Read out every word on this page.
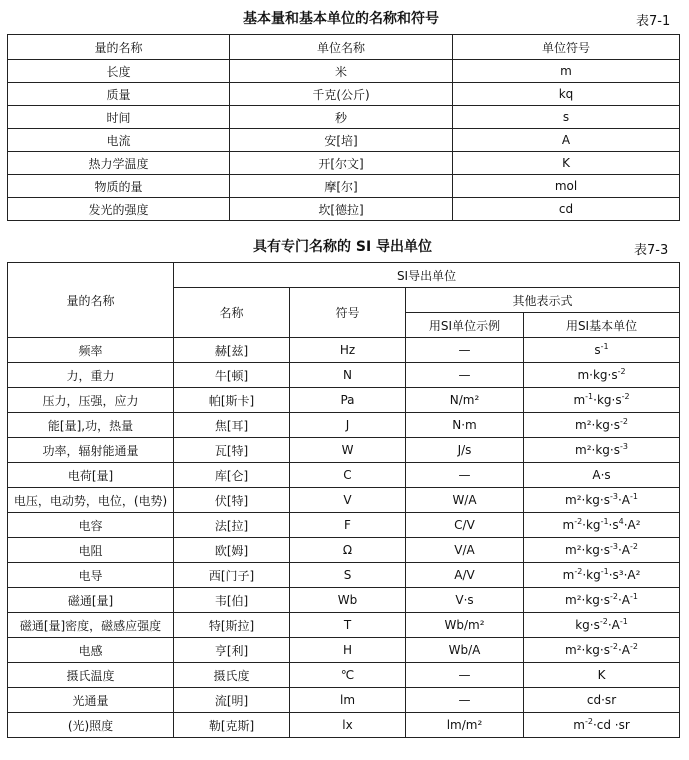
基本量和基本单位的名称和符号	表7-1
量的名称	单位名称	单位符号
长度	米	m
质量	千克(公斤)	kq
时间	秒	s
电流	安[培]	A
热力学温度	开[尔文]	K
物质的量	摩[尔]	mol
发光的强度	坎[德拉]	cd
具有专门名称的 SI 导出单位	表7-3
量的名称	SI导出单位			
	名称	符号	其他表示式	
			用SI单位示例	用SI基本单位
频率	赫[兹]	Hz	—	$s^{-1}$
力，重力	牛[顿]	N	—	$m\cdot kg\cdot s^{-2}$
压力，压强，应力	帕[斯卡]	Pa	N/m²	$m^{-1}\cdot kg\cdot s^{-2}$
能[量],功，热量	焦[耳]	J	N·m	$m^2\cdot kg\cdot s^{-2}$
功率，辐射能通量	瓦[特]	W	J/s	$m^2\cdot kg\cdot s^{-3}$
电荷[量]	库[仑]	C	—	A·s
电压，电动势，电位，(电势)	伏[特]	V	W/A	$m^2\cdot kg\cdot s^{-3}\cdot A^{-1}$
电容	法[拉]	F	C/V	$m^{-2}\cdot kg^{-1}\cdot s^4\cdot A^2$
电阻	欧[姆]	Ω	V/A	$m^2\cdot kg\cdot s^{-3}\cdot A^{-2}$
电导	西[门子]	S	A/V	$m^{-2}\cdot kg^{-1}\cdot s^3\cdot A^2$
磁通[量]	韦[伯]	Wb	V·s	$m^2\cdot kg\cdot s^{-2}\cdot A^{-1}$
磁通[量]密度，磁感应强度	特[斯拉]	T	Wb/m²	$kg\cdot s^{-2}\cdot A^{-1}$
电感	亨[利]	H	Wb/A	$m^2\cdot kg\cdot s^{-2}\cdot A^{-2}$
摄氏温度	摄氏度	℃	—	K
光通量	流[明]	lm	—	cd·sr
(光)照度	勒[克斯]	lx	lm/m²	$m^{-2}\cdot cd \cdot sr$
